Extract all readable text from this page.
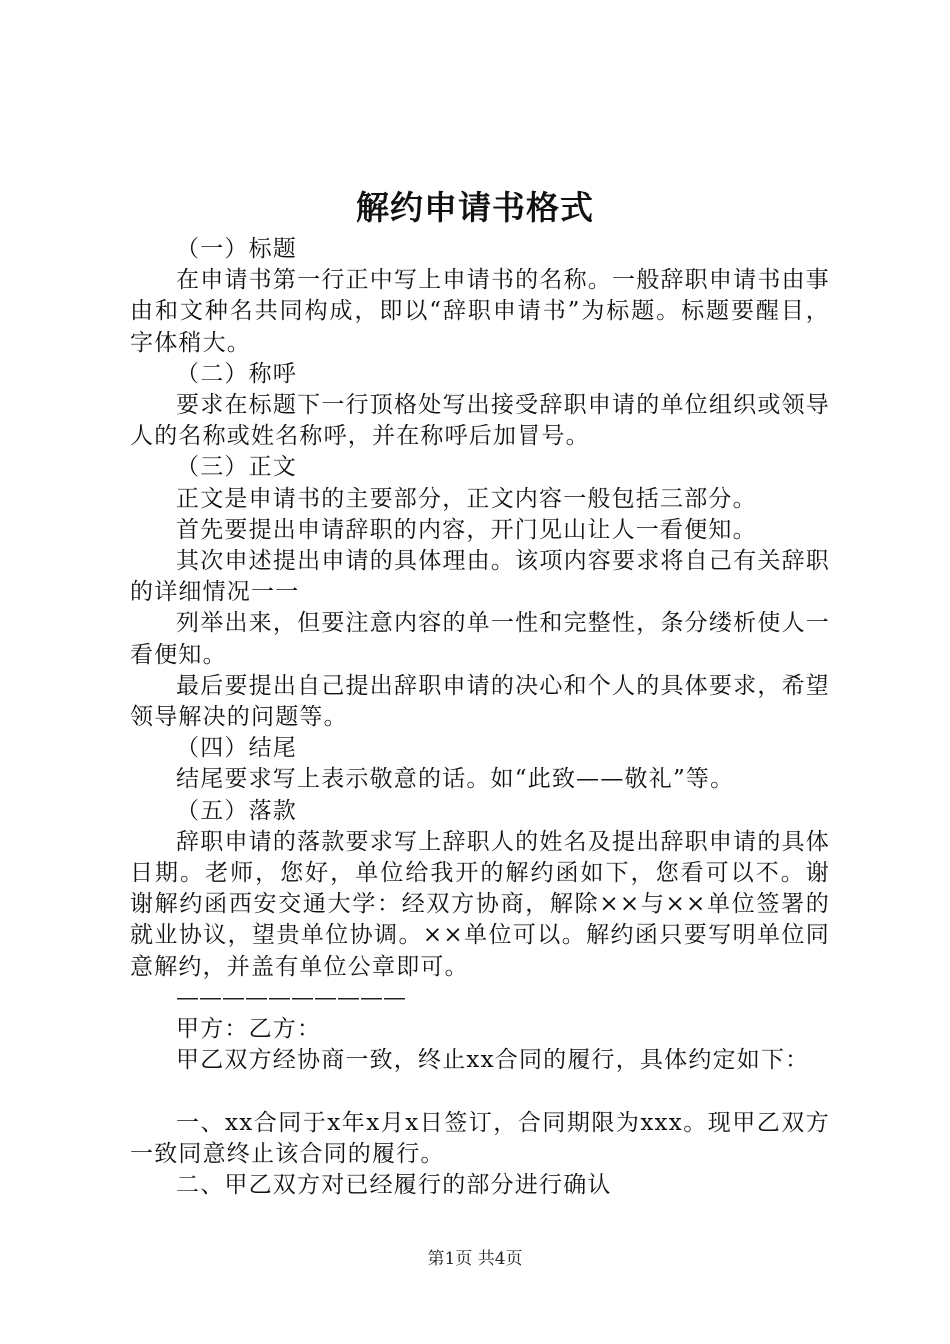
解约申请书格式

（一）标题

在申请书第一行正中写上申请书的名称。一般辞职申请书由事由和文种名共同构成，即以“辞职申请书”为标题。标题要醒目，字体稍大。

（二）称呼

要求在标题下一行顶格处写出接受辞职申请的单位组织或领导人的名称或姓名称呼，并在称呼后加冒号。

（三）正文

正文是申请书的主要部分，正文内容一般包括三部分。

首先要提出申请辞职的内容，开门见山让人一看便知。

其次申述提出申请的具体理由。该项内容要求将自己有关辞职的详细情况一一

列举出来，但要注意内容的单一性和完整性，条分缕析使人一看便知。

最后要提出自己提出辞职申请的决心和个人的具体要求，希望领导解决的问题等。

（四）结尾

结尾要求写上表示敬意的话。如“此致——敬礼”等。

（五）落款

辞职申请的落款要求写上辞职人的姓名及提出辞职申请的具体日期。老师，您好，单位给我开的解约函如下，您看可以不。谢谢解约函西安交通大学：经双方协商，解除××与××单位签署的就业协议，望贵单位协调。××单位可以。解约函只要写明单位同意解约，并盖有单位公章即可。

——————————

甲方：乙方：

甲乙双方经协商一致，终止xx合同的履行，具体约定如下：

一、xx合同于x年x月x日签订，合同期限为xxx。现甲乙双方一致同意终止该合同的履行。

二、甲乙双方对已经履行的部分进行确认

第1页 共4页
